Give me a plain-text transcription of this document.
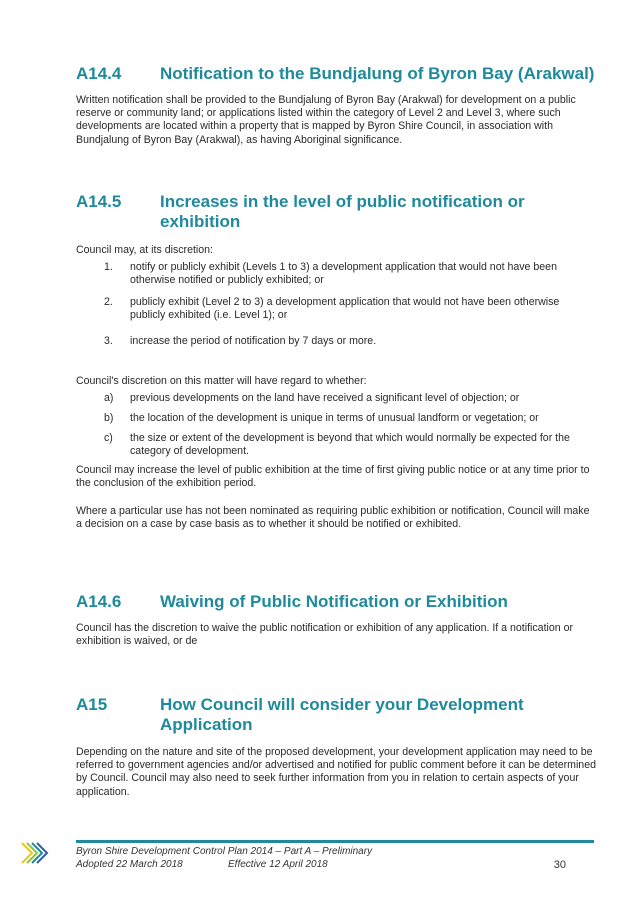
A14.4	Notification to the Bundjalung of Byron Bay (Arakwal)

Written notification shall be provided to the Bundjalung of Byron Bay (Arakwal) for development on a public reserve or community land; or applications listed within the category of Level 2 and Level 3, where such developments are located within a property that is mapped by Byron Shire Council, in association with Bundjalung of Byron Bay (Arakwal), as having Aboriginal significance.

A14.5	Increases in the level of public notification or exhibition

Council may, at its discretion:

1.	notify or publicly exhibit (Levels 1 to 3) a development application that would not have been otherwise notified or publicly exhibited; or
2.	publicly exhibit (Level 2 to 3) a development application that would not have been otherwise publicly exhibited (i.e. Level 1); or
3.	increase the period of notification by 7 days or more.

Council's discretion on this matter will have regard to whether:

a)	previous developments on the land have received a significant level of objection; or
b)	the location of the development is unique in terms of unusual landform or vegetation; or
c)	the size or extent of the development is beyond that which would normally be expected for the category of development.

Council may increase the level of public exhibition at the time of first giving public notice or at any time prior to the conclusion of the exhibition period.

Where a particular use has not been nominated as requiring public exhibition or notification, Council will make a decision on a case by case basis as to whether it should be notified or exhibited.

A14.6	Waiving of Public Notification or Exhibition

Council has the discretion to waive the public notification or exhibition of any application. If a notification or exhibition is waived, or de

A15	How Council will consider your Development Application

Depending on the nature and site of the proposed development, your development application may need to be referred to government agencies and/or advertised and notified for public comment before it can be determined by Council. Council may also need to seek further information from you in relation to certain aspects of your application.

Byron Shire Development Control Plan 2014 – Part A – Preliminary
Adopted 22 March 2018	Effective 12 April 2018	30
